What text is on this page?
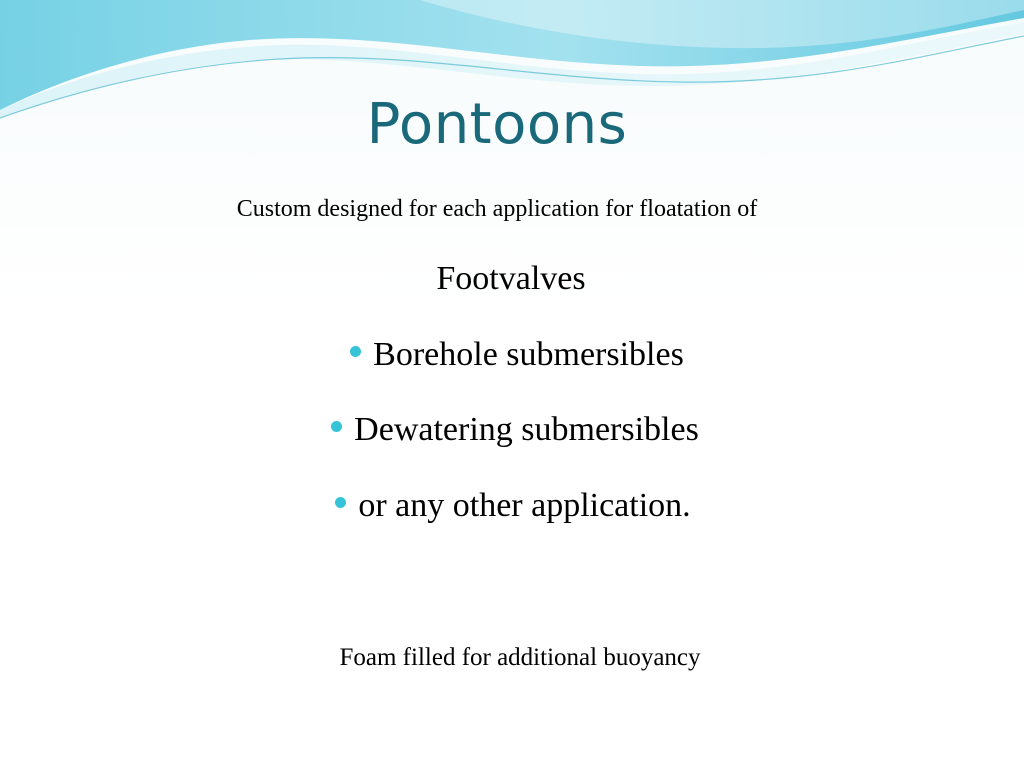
Pontoons
Custom designed for each application for floatation of
Footvalves
Borehole submersibles
Dewatering submersibles
or any other application.
Foam filled for additional buoyancy
